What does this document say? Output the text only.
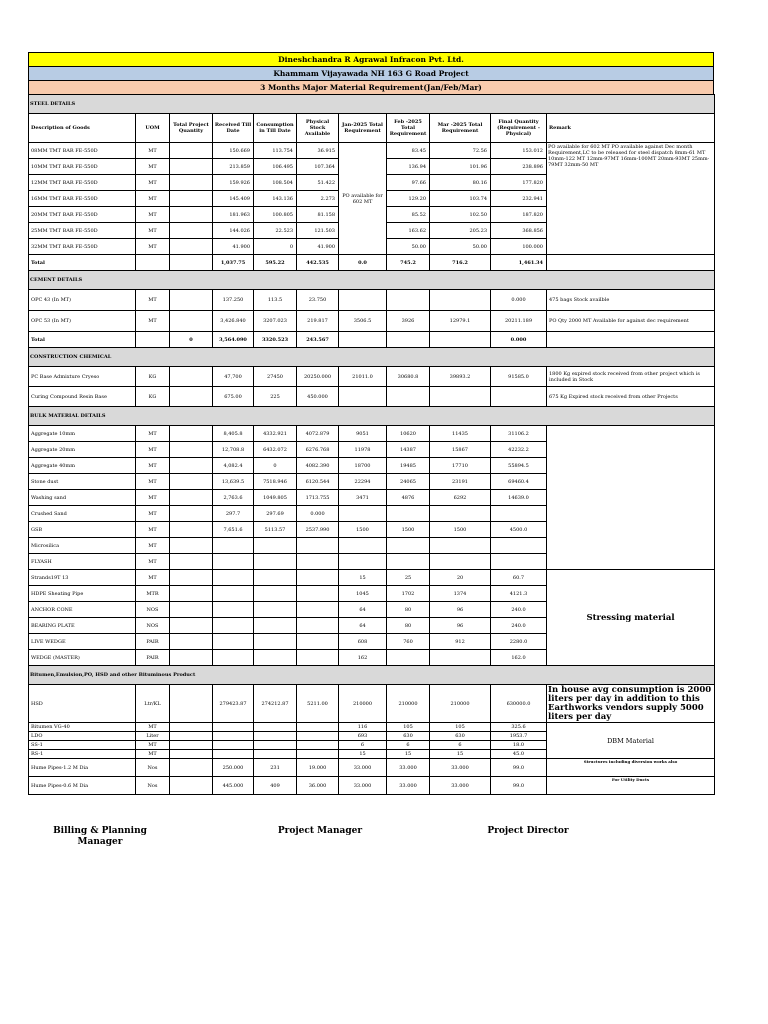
Dineshchandra R Agrawal Infracon Pvt. Ltd.
Khammam Vijayawada NH 163 G Road Project
3 Months Major Material Requirement(Jan/Feb/Mar)
STEEL DETAILS										
Description of Goods	UOM	Total Project Quantity	Received Till Date	Consumption in Till Date	Physical Stock Available	Jan-2025 Total Requirement	Feb -2025 Total Requirement	Mar -2025 Total Requirement	Final Quantity (Requirement - Physical)	Remark
08MM TMT BAR FE-550D	MT		150.669	113.754	36.915	PO available for 602 MT	83.45	72.56	153.012	PO available for 602 MT PO available against Dec month Requirement,LC to be released for steel dispatch 8mm-61 MT 10mm-122 MT 12mm-97MT 16mm-100MT 20mm-93MT 25mm-79MT 32mm-50 MT
10MM TMT BAR FE-550D	MT		213.859	106.495	107.364		136.94	101.96	238.896	
12MM TMT BAR FE-550D	MT		159.926	108.504	51.422		97.66	80.16	177.820	
16MM TMT BAR FE-550D	MT		145.409	143.136	2.273		129.20	103.74	232.941	
20MM TMT BAR FE-550D	MT		181.963	100.805	81.158		85.52	102.50	187.820	
25MM TMT BAR FE-550D	MT		144.026	22.523	121.503		163.62	205.23	368.856	
32MM TMT BAR FE-550D	MT		41.900	0	41.900		50.00	50.00	100.000	
Total			1,037.75	595.22	442.535	0.0	745.2	716.2	1,461.34	
CEMENT DETAILS										
OPC 43 (In MT)	MT		137.250	113.5	23.750				0.000	475 bags Stock availble
OPC 53 (In MT)	MT		3,426.840	3207.023	219.817	3506.5	3926	12979.1	20211.189	PO Qty 2000 MT Available for against dec requirement
Total		0	3,564.090	3320.523	243.567				0.000	
CONSTRUCTION CHEMICAL										
PC Base Admixture Cryeso	KG		47,700	27450	20250.000	21011.0	30680.8	39893.2	91585.0	1800 Kg expired stock received from other project which is included in Stock
Curing Compound Resin Base	KG		675.00	225	450.000					675 Kg Expired stock received from other Projects
BULK MATERIAL DETAILS										
Aggregate 10mm	MT		8,405.8	4332.921	4072.879	9051	10620	11435	31106.2	
Aggregate 20mm	MT		12,708.8	6432.072	6276.768	11978	14387	15867	42232.2	
Aggregate 40mm	MT		4,082.4	0	4082.390	18700	19485	17710	55894.5	
Stone dust	MT		13,639.5	7518.946	6120.544	22294	24065	23191	69460.4	
Washing sand	MT		2,763.6	1049.805	1713.755	3471	4876	6292	14639.0	
Crushed Sand	MT		297.7	297.69	0.000					
GSB	MT		7,651.6	5113.57	2537.990	1500	1500	1500	4500.0	
Microsilica	MT									
FLYASH	MT									
Strands19T 13	MT					15	25	20	60.7	Stressing material
HDPE Sheating Pipe	MTR					1045	1702	1374	4121.3	
ANCHOR CONE	NOS					64	80	96	240.0	
BEARING PLATE	NOS					64	80	96	240.0	
LIVE WEDGE	PAIR					608	760	912	2280.0	
WEDGE (MASTER)	PAIR					162			162.0	
Bitumen,Emulsion,PO, HSD and other Bituminous Product										
HSD	Ltr/KL		279423.87	274212.87	5211.00	210000	210000	210000	630000.0	In house avg consumption is 2000 liters per day in addition to this Earthworks vendors supply 5000 liters per day
Bitumen VG-40	MT					116	105	105	325.6	DBM Material
LDO	Liter					693	630	630	1953.7	
SS-1	MT					6	6	6	18.0	
RS-1	MT					15	15	15	45.0	
Hume Pipes-1.2 M Dia	Nos		250.000	231	19.000	33.000	33.000	33.000	99.0	Structures including diversion works also
Hume Pipes-0.6 M Dia	Nos		445.000	409	36.000	33.000	33.000	33.000	99.0	For Utility Ducts
Billing & Planning Manager
Project Manager	Project Director
